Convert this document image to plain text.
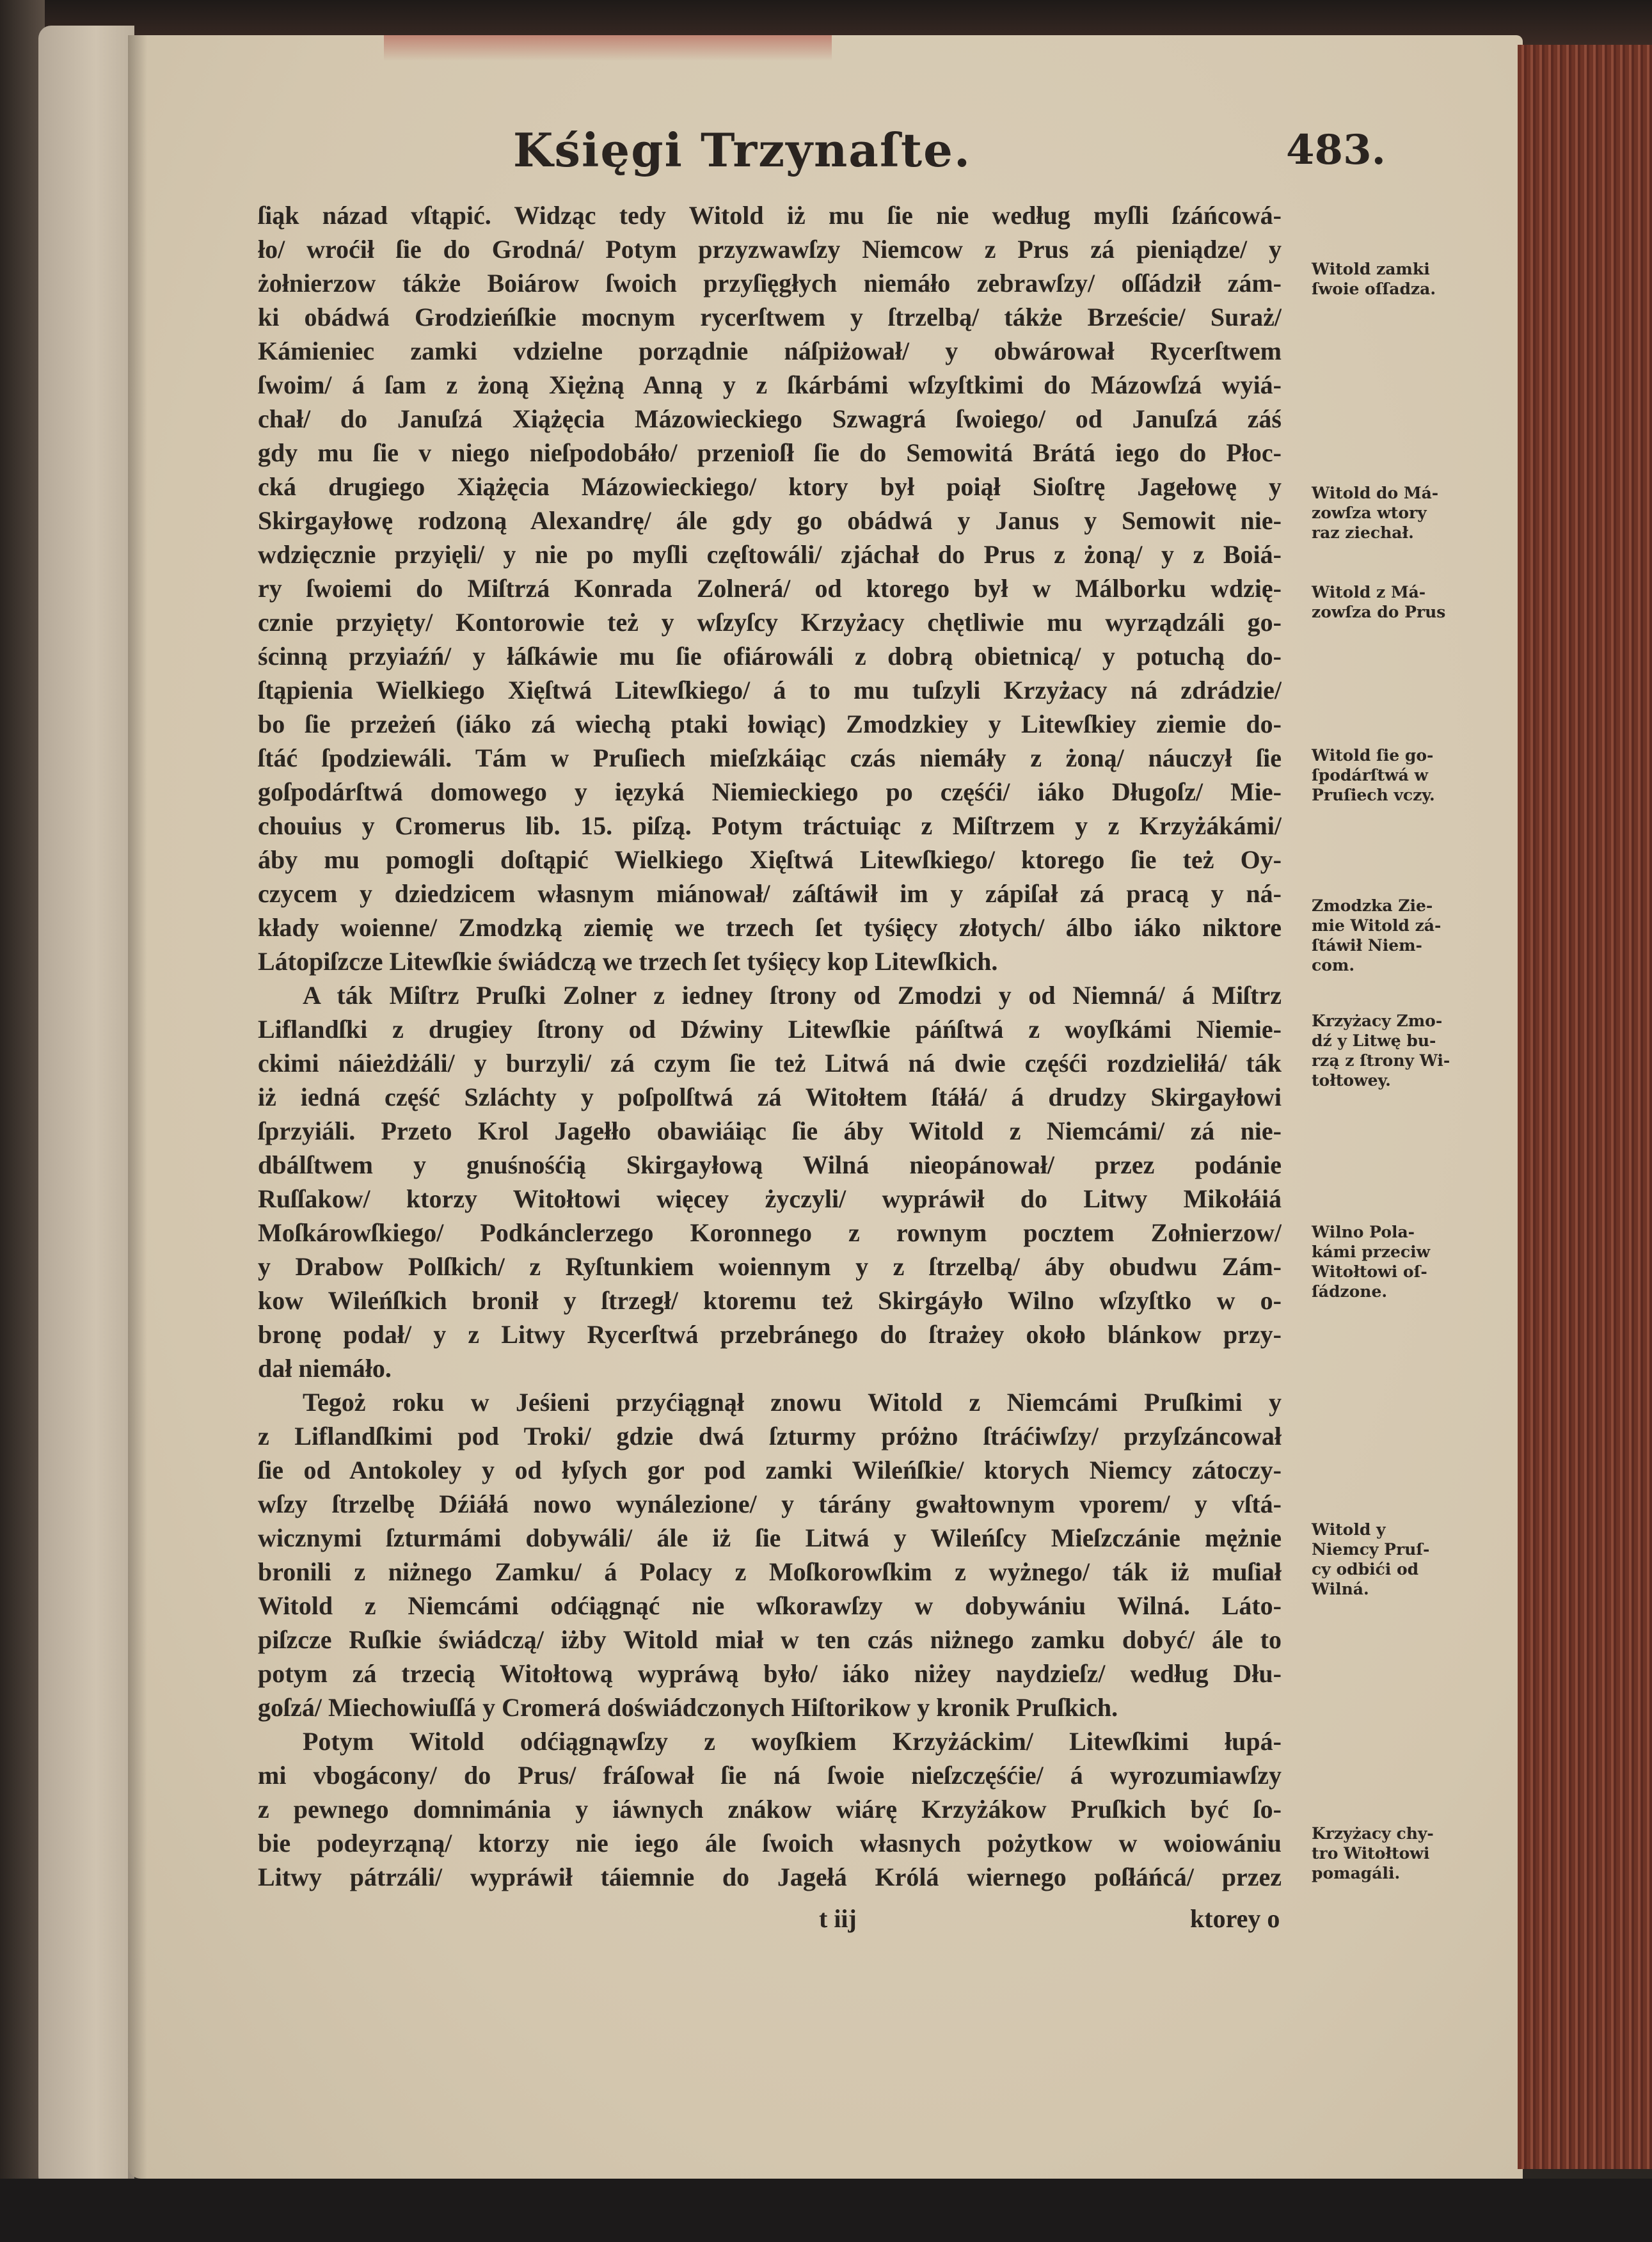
Kśięgi Trzynaſte.	483.
ſiąk názad vſtąpić. Widząc tedy Witold iż mu ſie nie według myſli ſzáńcowá-
ło/ wroćił ſie do Grodná/ Potym przyzwawſzy Niemcow z Prus zá pieniądze/ y
żołnierzow tákże Boiárow ſwoich przyſięgłych niemáło zebrawſzy/ oſſádził zám-
ki obádwá Grodzieńſkie mocnym rycerſtwem y ſtrzelbą/ tákże Brzeście/ Suraż/
Kámieniec zamki vdzielne porządnie náſpiżował/ y obwárował Rycerſtwem
ſwoim/ á ſam z żoną Xiężną Anną y z ſkárbámi wſzyſtkimi do Mázowſzá wyiá-
chał/ do Januſzá Xiążęcia Mázowieckiego Szwagrá ſwoiego/ od Januſzá záś
gdy mu ſie v niego nieſpodobáło/ przenioſł ſie do Semowitá Brátá iego do Płoc-
cká drugiego Xiążęcia Mázowieckiego/ ktory był poiął Sioſtrę Jagełowę y
Skirgayłowę rodzoną Alexandrę/ ále gdy go obádwá y Janus y Semowit nie-
wdzięcznie przyięli/ y nie po myſli częſtowáli/ zjáchał do Prus z żoną/ y z Boiá-
ry ſwoiemi do Miſtrzá Konrada Zolnerá/ od ktorego był w Málborku wdzię-
cznie przyięty/ Kontorowie też y wſzyſcy Krzyżacy chętliwie mu wyrządzáli go-
ścinną przyiaźń/ y łáſkáwie mu ſie ofiárowáli z dobrą obietnicą/ y potuchą do-
ſtąpienia Wielkiego Xięſtwá Litewſkiego/ á to mu tuſzyli Krzyżacy ná zdrádzie/
bo ſie przeżeń (iáko zá wiechą ptaki łowiąc) Zmodzkiey y Litewſkiey ziemie do-
ſtáć ſpodziewáli. Tám w Pruſiech mieſzkáiąc czás niemáły z żoną/ náuczył ſie
goſpodárſtwá domowego y ięzyká Niemieckiego po częśći/ iáko Długoſz/ Mie-
chouius y Cromerus lib. 15. piſzą. Potym tráctuiąc z Miſtrzem y z Krzyżákámi/
áby mu pomogli doſtąpić Wielkiego Xięſtwá Litewſkiego/ ktorego ſie też Oy-
czycem y dziedzicem własnym miánował/ záſtáwił im y zápiſał zá pracą y ná-
kłady woienne/ Zmodzką ziemię we trzech ſet tyśięcy złotych/ álbo iáko niktore
Látopiſzcze Litewſkie świádczą we trzech ſet tyśięcy kop Litewſkich.
A ták Miſtrz Pruſki Zolner z iedney ſtrony od Zmodzi y od Niemná/ á Miſtrz
Liflandſki z drugiey ſtrony od Dźwiny Litewſkie páńſtwá z woyſkámi Niemie-
ckimi náieżdżáli/ y burzyli/ zá czym ſie też Litwá ná dwie częśći rozdzieliłá/ ták
iż iedná część Szláchty y poſpolſtwá zá Witołtem ſtáłá/ á drudzy Skirgayłowi
ſprzyiáli. Przeto Krol Jagełło obawiáiąc ſie áby Witold z Niemcámi/ zá nie-
dbálſtwem y gnuśnośćią Skirgayłową Wilná nieopánował/ przez podánie
Ruſſakow/ ktorzy Witołtowi więcey życzyli/ wypráwił do Litwy Mikołáiá
Moſkárowſkiego/ Podkánclerzego Koronnego z rownym pocztem Zołnierzow/
y Drabow Polſkich/ z Ryſtunkiem woiennym y z ſtrzelbą/ áby obudwu Zám-
kow Wileńſkich bronił y ſtrzegł/ ktoremu też Skirgáyło Wilno wſzyſtko w o-
bronę podał/ y z Litwy Rycerſtwá przebránego do ſtrażey około blánkow przy-
dał niemáło.
Tegoż roku w Jeśieni przyćiągnął znowu Witold z Niemcámi Pruſkimi y
z Liflandſkimi pod Troki/ gdzie dwá ſzturmy próżno ſtráćiwſzy/ przyſzáncował
ſie od Antokoley y od łyſych gor pod zamki Wileńſkie/ ktorych Niemcy zátoczy-
wſzy ſtrzelbę Dźiáłá nowo wynálezione/ y tárány gwałtownym vporem/ y vſtá-
wicznymi ſzturmámi dobywáli/ ále iż ſie Litwá y Wileńſcy Mieſzczánie mężnie
bronili z niżnego Zamku/ á Polacy z Moſkorowſkim z wyżnego/ ták iż muſiał
Witold z Niemcámi odćiągnąć nie wſkorawſzy w dobywániu Wilná. Láto-
piſzcze Ruſkie świádczą/ iżby Witold miał w ten czás niżnego zamku dobyć/ ále to
potym zá trzecią Witołtową wypráwą było/ iáko niżey naydzieſz/ według Dłu-
goſzá/ Miechowiuſſá y Cromerá doświádczonych Hiſtorikow y kronik Pruſkich.
Potym Witold odćiągnąwſzy z woyſkiem Krzyżáckim/ Litewſkimi łupá-
mi vbogácony/ do Prus/ fráſował ſie ná ſwoie nieſzczęśćie/ á wyrozumiawſzy
z pewnego domnimánia y iáwnych znákow wiárę Krzyżákow Pruſkich być ſo-
bie podeyrząną/ ktorzy nie iego ále ſwoich własnych pożytkow w woiowániu
Litwy pátrzáli/ wypráwił táiemnie do Jagełá Królá wiernego poſłáńcá/ przez
t iij	ktorey o
Witold zamki
ſwoie oſſadza.
Witold do Má-
zowſza wtory
raz ziechał.
Witold z Má-
zowſza do Prus
Witold ſie go-
ſpodárſtwá w
Pruſiech vczy.
Zmodzka Zie-
mie Witold zá-
ſtáwił Niem-
com.
Krzyżacy Zmo-
dź y Litwę bu-
rzą z ſtrony Wi-
tołtowey.
Wilno Pola-
kámi przeciw
Witołtowi oſ-
ſádzone.
Witold y
Niemcy Pruſ-
cy odbići od
Wilná.
Krzyżacy chy-
tro Witołtowi
pomagáli.
